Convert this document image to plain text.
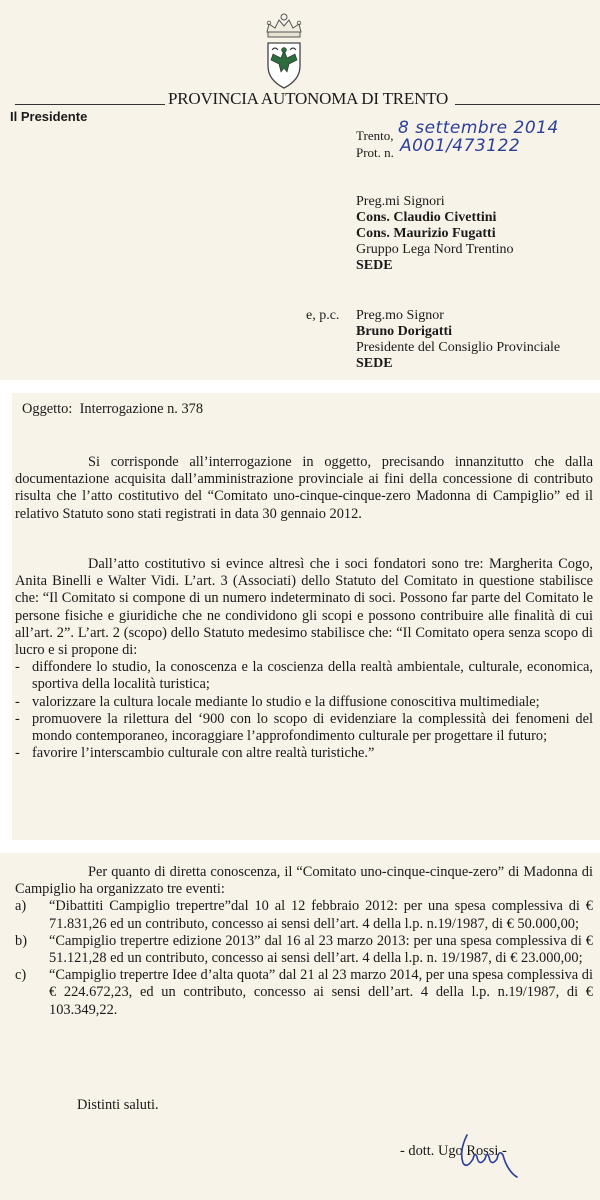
PROVINCIA AUTONOMA DI TRENTO
Il Presidente
Trento, 8 settembre 2014
Prot. n. A001/473122
Preg.mi Signori
Cons. Claudio Civettini
Cons. Maurizio Fugatti
Gruppo Lega Nord Trentino
SEDE
e, p.c. Preg.mo Signor
Bruno Dorigatti
Presidente del Consiglio Provinciale
SEDE
Oggetto: Interrogazione n. 378

Si corrisponde all’interrogazione in oggetto, precisando innanzitutto che dalla documentazione acquisita dall’amministrazione provinciale ai fini della concessione di contributo risulta che l’atto costitutivo del “Comitato uno-cinque-cinque-zero Madonna di Campiglio” ed il relativo Statuto sono stati registrati in data 30 gennaio 2012.

Dall’atto costitutivo si evince altresì che i soci fondatori sono tre: Margherita Cogo, Anita Binelli e Walter Vidi. L’art. 3 (Associati) dello Statuto del Comitato in questione stabilisce che: “Il Comitato si compone di un numero indeterminato di soci. Possono far parte del Comitato le persone fisiche e giuridiche che ne condividono gli scopi e possono contribuire alle finalità di cui all’art. 2”. L’art. 2 (scopo) dello Statuto medesimo stabilisce che: “Il Comitato opera senza scopo di lucro e si propone di:

- diffondere lo studio, la conoscenza e la coscienza della realtà ambientale, culturale, economica, sportiva della località turistica;
- valorizzare la cultura locale mediante lo studio e la diffusione conoscitiva multimediale;
- promuovere la rilettura del ‘900 con lo scopo di evidenziare la complessità dei fenomeni del mondo contemporaneo, incoraggiare l’approfondimento culturale per progettare il futuro;
- favorire l’interscambio culturale con altre realtà turistiche.”

Per quanto di diretta conoscenza, il “Comitato uno-cinque-cinque-zero” di Madonna di Campiglio ha organizzato tre eventi:

a) “Dibattiti Campiglio trepertre”dal 10 al 12 febbraio 2012: per una spesa complessiva di € 71.831,26 ed un contributo, concesso ai sensi dell’art. 4 della l.p. n.19/1987, di € 50.000,00;
b) “Campiglio trepertre edizione 2013” dal 16 al 23 marzo 2013: per una spesa complessiva di € 51.121,28 ed un contributo, concesso ai sensi dell’art. 4 della l.p. n. 19/1987, di € 23.000,00;
c) “Campiglio trepertre Idee d’alta quota” dal 21 al 23 marzo 2014, per una spesa complessiva di € 224.672,23, ed un contributo, concesso ai sensi dell’art. 4 della l.p. n.19/1987, di € 103.349,22.
Distinti saluti.
- dott. Ugo Rossi -
